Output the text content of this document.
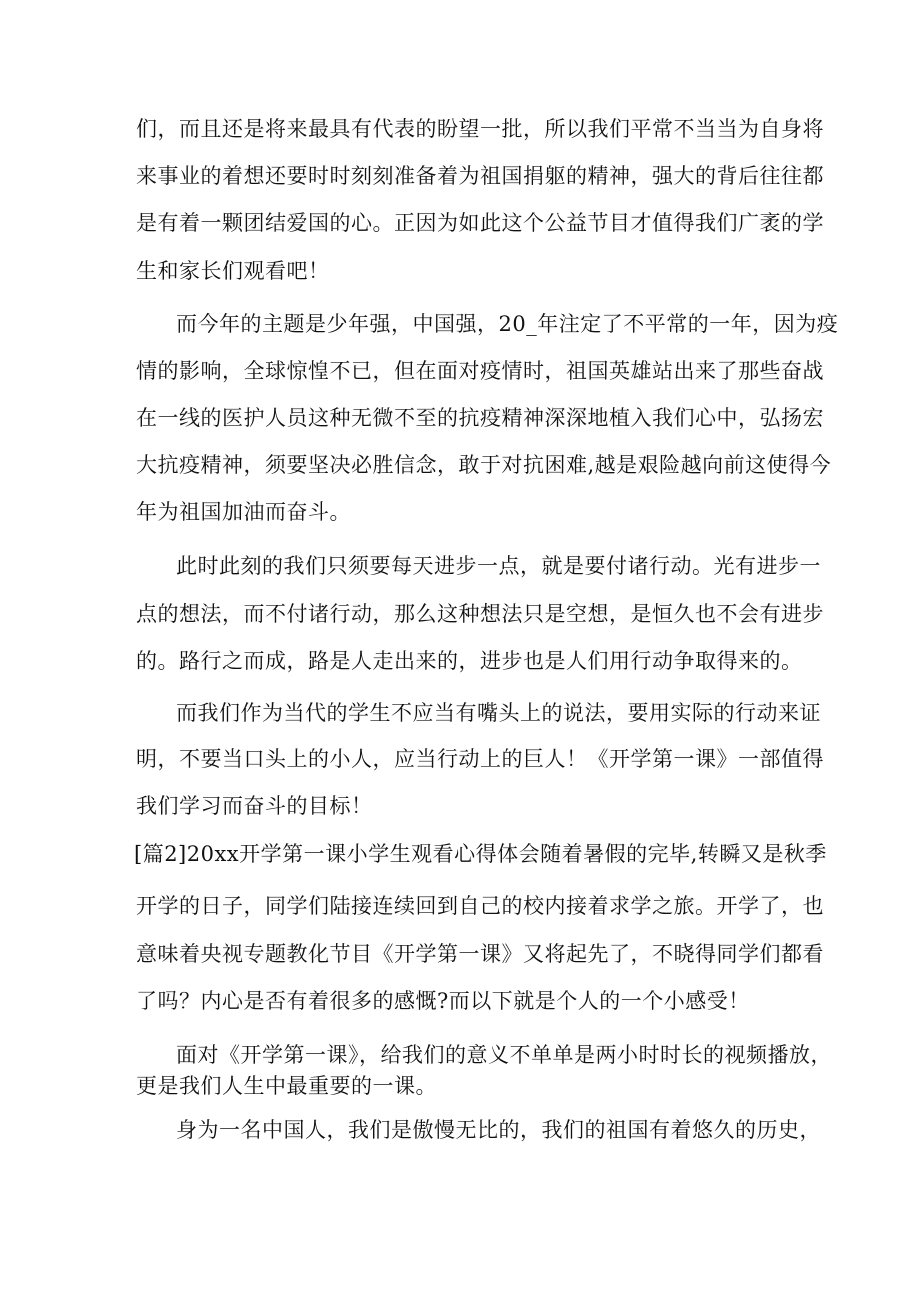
们，而且还是将来最具有代表的盼望一批，所以我们平常不当当为自身将
来事业的着想还要时时刻刻准备着为祖国捐躯的精神，强大的背后往往都
是有着一颗团结爱国的心。正因为如此这个公益节目才值得我们广袤的学
生和家长们观看吧！
而今年的主题是少年强，中国强，20_年注定了不平常的一年，因为疫
情的影响，全球惊惶不已，但在面对疫情时，祖国英雄站出来了那些奋战
在一线的医护人员这种无微不至的抗疫精神深深地植入我们心中，弘扬宏
大抗疫精神，须要坚决必胜信念，敢于对抗困难,越是艰险越向前这使得今
年为祖国加油而奋斗。
此时此刻的我们只须要每天进步一点，就是要付诸行动。光有进步一
点的想法，而不付诸行动，那么这种想法只是空想，是恒久也不会有进步
的。路行之而成，路是人走出来的，进步也是人们用行动争取得来的。
而我们作为当代的学生不应当有嘴头上的说法，要用实际的行动来证
明，不要当口头上的小人，应当行动上的巨人！《开学第一课》一部值得
我们学习而奋斗的目标！
[篇2]20xx开学第一课小学生观看心得体会随着暑假的完毕,转瞬又是秋季
开学的日子，同学们陆接连续回到自己的校内接着求学之旅。开学了，也
意味着央视专题教化节目《开学第一课》又将起先了，不晓得同学们都看
了吗？内心是否有着很多的感慨?而以下就是个人的一个小感受！
面对《开学第一课》，给我们的意义不单单是两小时时长的视频播放，
更是我们人生中最重要的一课。
身为一名中国人，我们是傲慢无比的，我们的祖国有着悠久的历史，
